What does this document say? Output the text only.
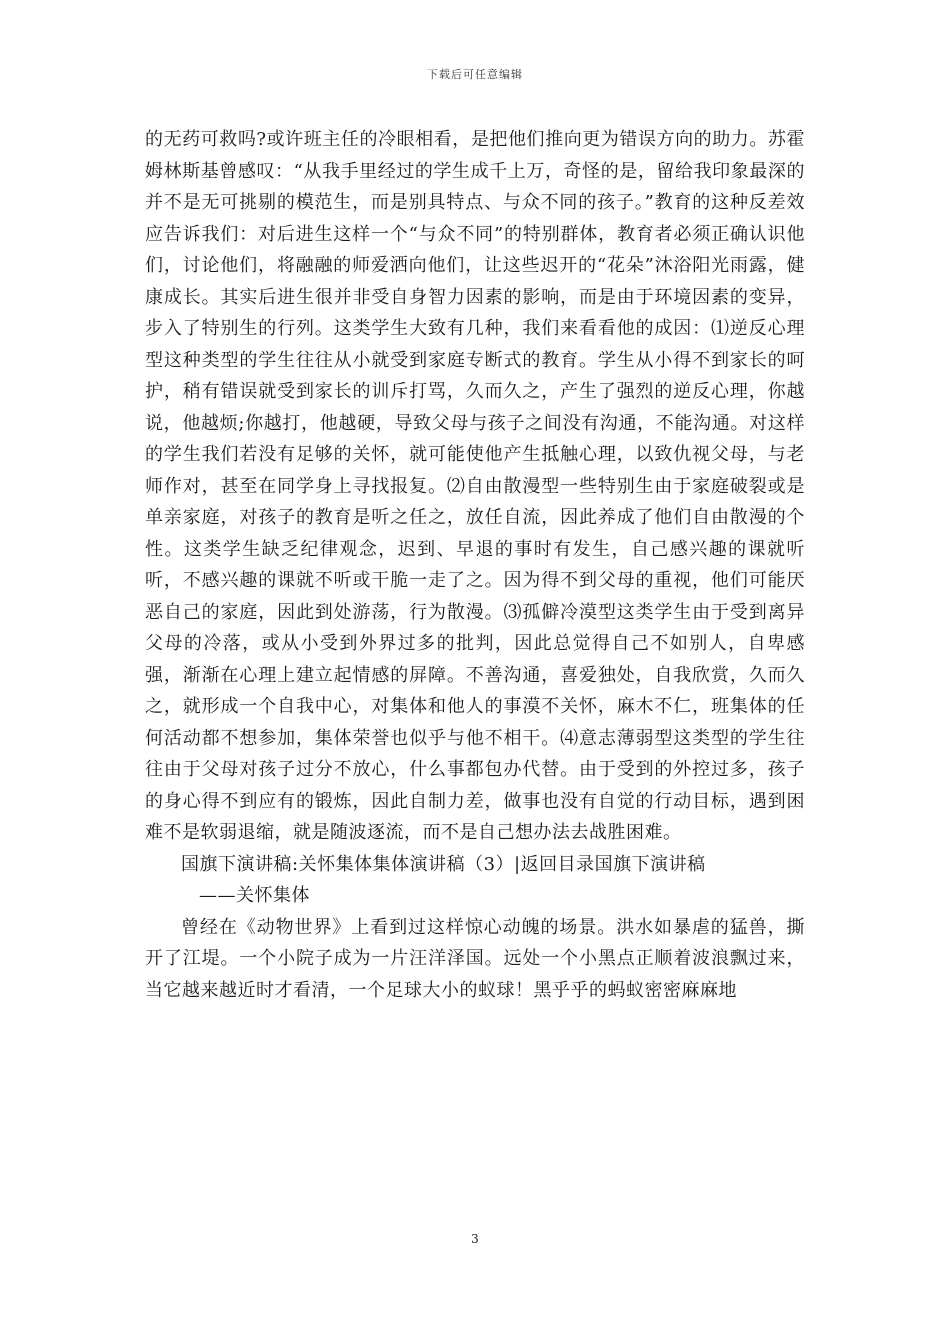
下载后可任意编辑

的无药可救吗?或许班主任的冷眼相看，是把他们推向更为错误方向的助力。苏霍姆林斯基曾感叹：“从我手里经过的学生成千上万，奇怪的是，留给我印象最深的并不是无可挑剔的模范生，而是别具特点、与众不同的孩子。”教育的这种反差效应告诉我们：对后进生这样一个“与众不同”的特别群体，教育者必须正确认识他们，讨论他们，将融融的师爱洒向他们，让这些迟开的“花朵”沐浴阳光雨露，健康成长。其实后进生很并非受自身智力因素的影响，而是由于环境因素的变异，步入了特别生的行列。这类学生大致有几种，我们来看看他的成因：⑴逆反心理型这种类型的学生往往从小就受到家庭专断式的教育。学生从小得不到家长的呵护，稍有错误就受到家长的训斥打骂，久而久之，产生了强烈的逆反心理，你越说，他越烦;你越打，他越硬，导致父母与孩子之间没有沟通，不能沟通。对这样的学生我们若没有足够的关怀，就可能使他产生抵触心理，以致仇视父母，与老师作对，甚至在同学身上寻找报复。⑵自由散漫型一些特别生由于家庭破裂或是单亲家庭，对孩子的教育是听之任之，放任自流，因此养成了他们自由散漫的个性。这类学生缺乏纪律观念，迟到、早退的事时有发生，自己感兴趣的课就听听，不感兴趣的课就不听或干脆一走了之。因为得不到父母的重视，他们可能厌恶自己的家庭，因此到处游荡，行为散漫。⑶孤僻冷漠型这类学生由于受到离异父母的冷落，或从小受到外界过多的批判，因此总觉得自己不如别人，自卑感强，渐渐在心理上建立起情感的屏障。不善沟通，喜爱独处，自我欣赏，久而久之，就形成一个自我中心，对集体和他人的事漠不关怀，麻木不仁，班集体的任何活动都不想参加，集体荣誉也似乎与他不相干。⑷意志薄弱型这类型的学生往往由于父母对孩子过分不放心，什么事都包办代替。由于受到的外控过多，孩子的身心得不到应有的锻炼，因此自制力差，做事也没有自觉的行动目标，遇到困难不是软弱退缩，就是随波逐流，而不是自己想办法去战胜困难。

国旗下演讲稿:关怀集体集体演讲稿（3）|返回目录国旗下演讲稿

——关怀集体

曾经在《动物世界》上看到过这样惊心动魄的场景。洪水如暴虐的猛兽，撕开了江堤。一个小院子成为一片汪洋泽国。远处一个小黑点正顺着波浪飘过来，当它越来越近时才看清，一个足球大小的蚁球！黑乎乎的蚂蚁密密麻麻地

3
